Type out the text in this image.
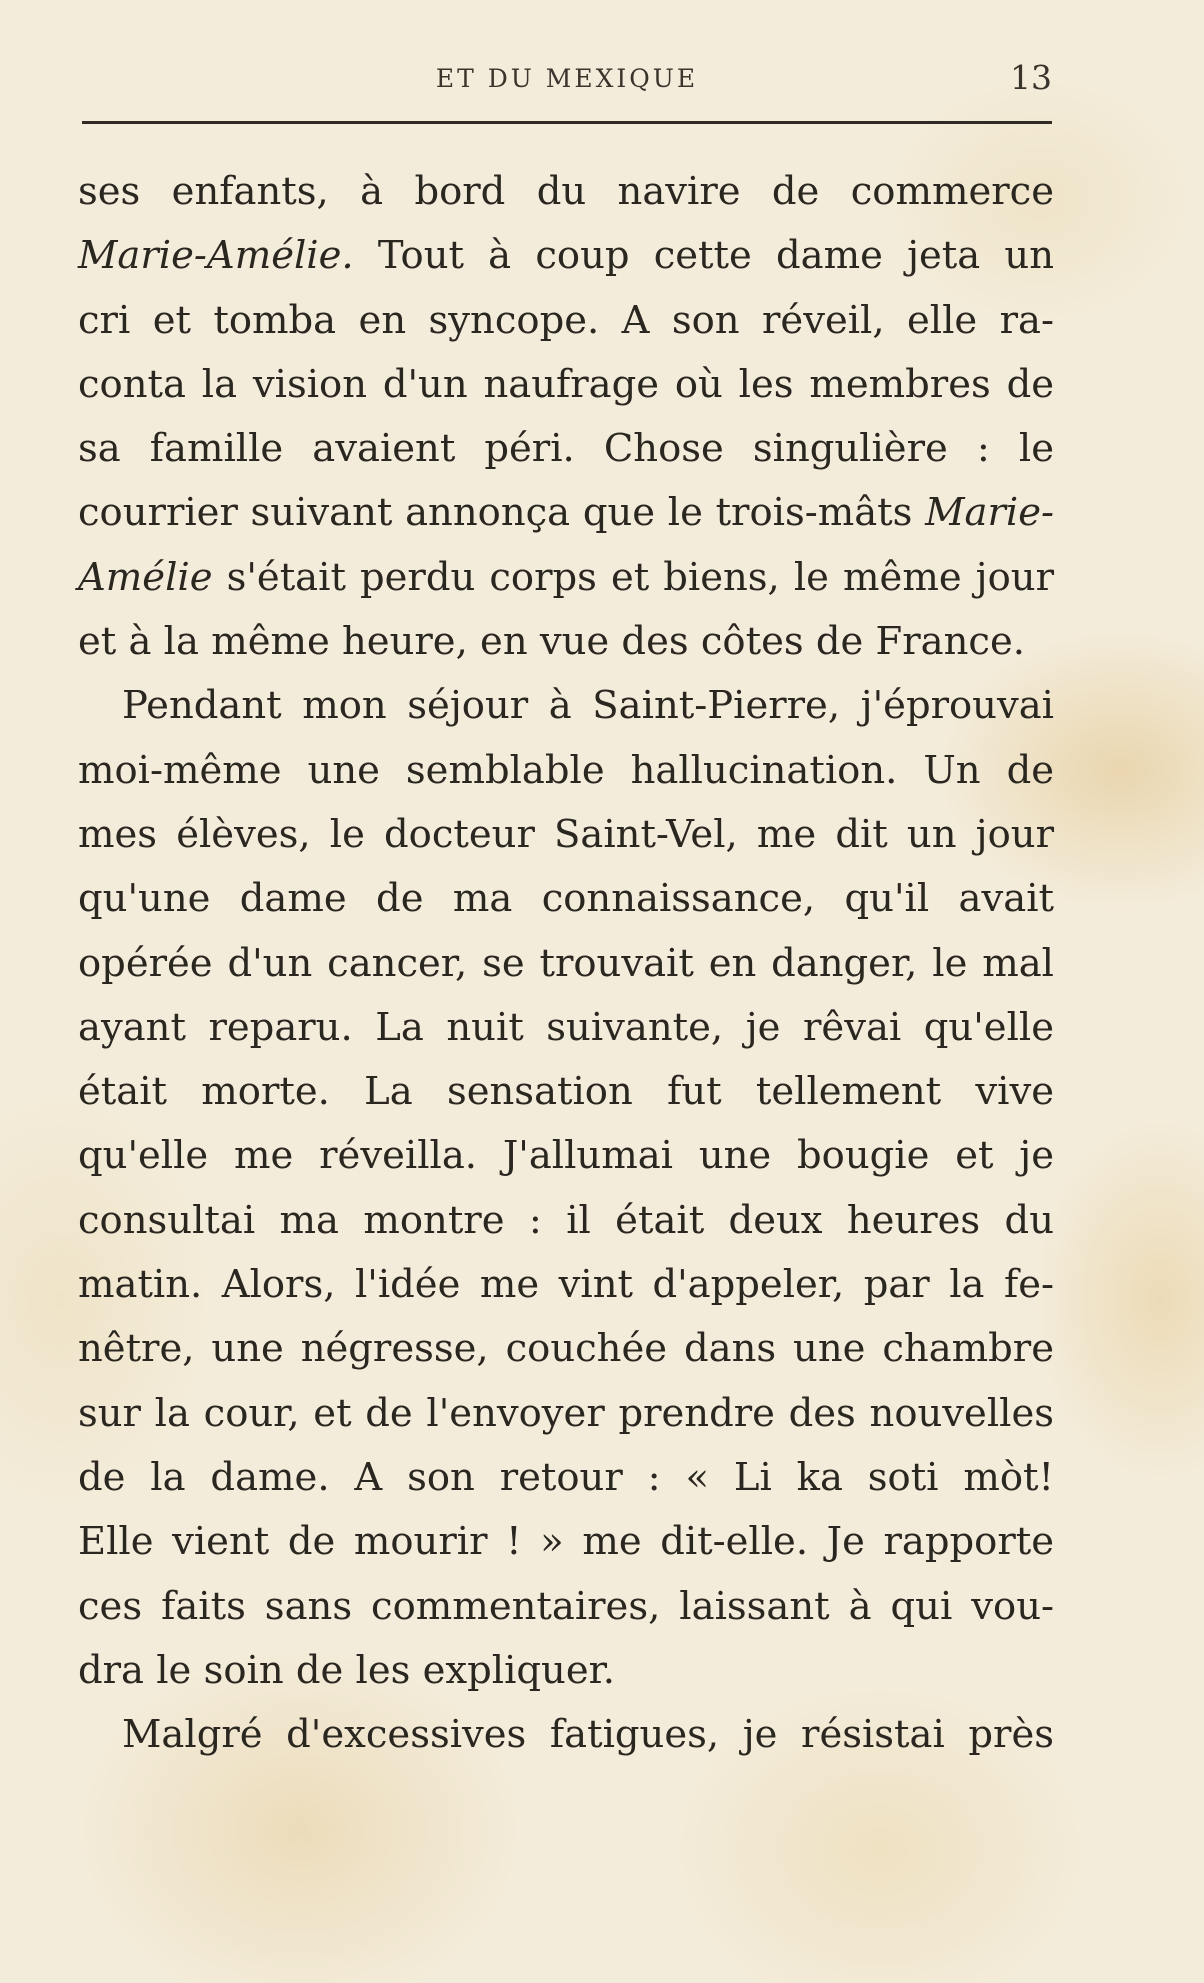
ET DU MEXIQUE	13

ses enfants, à bord du navire de commerce
Marie-Amélie. Tout à coup cette dame jeta un
cri et tomba en syncope. A son réveil, elle ra-
conta la vision d'un naufrage où les membres de
sa famille avaient péri. Chose singulière : le
courrier suivant annonça que le trois-mâts Marie-
Amélie s'était perdu corps et biens, le même jour
et à la même heure, en vue des côtes de France.

Pendant mon séjour à Saint-Pierre, j'éprouvai
moi-même une semblable hallucination. Un de
mes élèves, le docteur Saint-Vel, me dit un jour
qu'une dame de ma connaissance, qu'il avait
opérée d'un cancer, se trouvait en danger, le mal
ayant reparu. La nuit suivante, je rêvai qu'elle
était morte. La sensation fut tellement vive
qu'elle me réveilla. J'allumai une bougie et je
consultai ma montre : il était deux heures du
matin. Alors, l'idée me vint d'appeler, par la fe-
nêtre, une négresse, couchée dans une chambre
sur la cour, et de l'envoyer prendre des nouvelles
de la dame. A son retour : « Li ka soti mòt!
Elle vient de mourir ! » me dit-elle. Je rapporte
ces faits sans commentaires, laissant à qui vou-
dra le soin de les expliquer.

Malgré d'excessives fatigues, je résistai près
